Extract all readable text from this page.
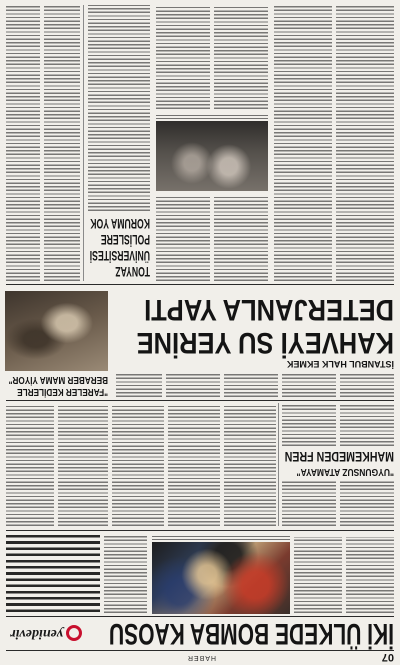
07
HABER
İKİ ÜLKEDE BOMBA KAOSU
yenidevir
"UYGUNSUZ ATAMAYA"
MAHKEMEDEN FREN
İSTANBUL HALK EKMEK
KAHVEYİ SU YERİNE
DETERJANLA YAPTI
"FARELER KEDİLERLE
BERABER MAMA YİYOR"
TONYAZ
ÜNİVERSİTESİ
POLİSLERE
KORUMA YOK
